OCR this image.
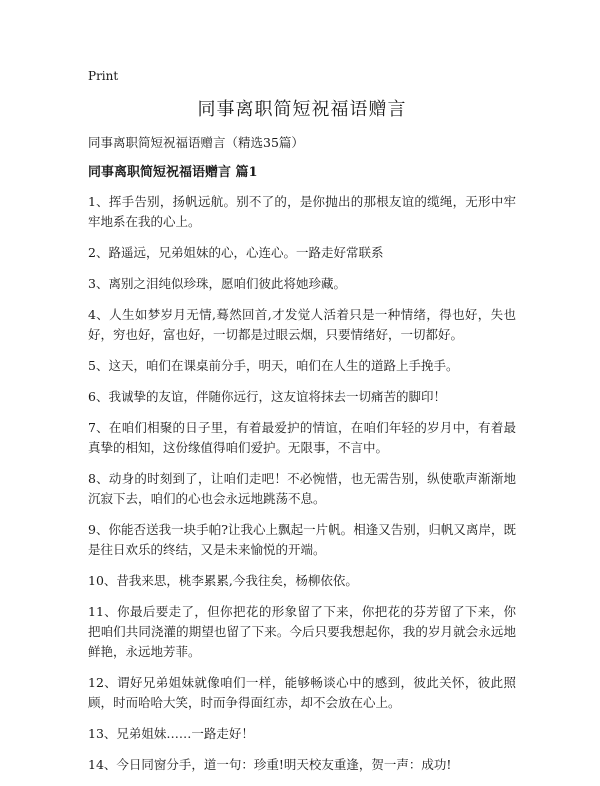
Print
同事离职简短祝福语赠言
同事离职简短祝福语赠言（精选35篇）
同事离职简短祝福语赠言 篇1

1、挥手告别，扬帆远航。别不了的，是你抛出的那根友谊的缆绳，无形中牢牢地系在我的心上。

2、路遥远，兄弟姐妹的心，心连心。一路走好常联系

3、离别之泪纯似珍珠，愿咱们彼此将她珍藏。

4、人生如梦岁月无情,蓦然回首,才发觉人活着只是一种情绪，得也好，失也好，穷也好，富也好，一切都是过眼云烟，只要情绪好，一切都好。

5、这天，咱们在课桌前分手，明天，咱们在人生的道路上手挽手。

6、我诚挚的友谊，伴随你远行，这友谊将抹去一切痛苦的脚印！

7、在咱们相聚的日子里，有着最爱护的情谊，在咱们年轻的岁月中，有着最真挚的相知，这份缘值得咱们爱护。无限事，不言中。

8、动身的时刻到了，让咱们走吧！不必惋惜，也无需告别，纵使歌声渐渐地沉寂下去，咱们的心也会永远地跳荡不息。

9、你能否送我一块手帕?让我心上飘起一片帆。相逢又告别，归帆又离岸，既是往日欢乐的终结，又是未来愉悦的开端。

10、昔我来思，桃李累累,今我往矣，杨柳依依。

11、你最后要走了，但你把花的形象留了下来，你把花的芬芳留了下来，你把咱们共同浇灌的期望也留了下来。今后只要我想起你，我的岁月就会永远地鲜艳，永远地芳菲。

12、谓好兄弟姐妹就像咱们一样，能够畅谈心中的感到，彼此关怀，彼此照顾，时而哈哈大笑，时而争得面红赤，却不会放在心上。

13、兄弟姐妹……一路走好！

14、今日同窗分手，道一句：珍重!明天校友重逢，贺一声：成功!
